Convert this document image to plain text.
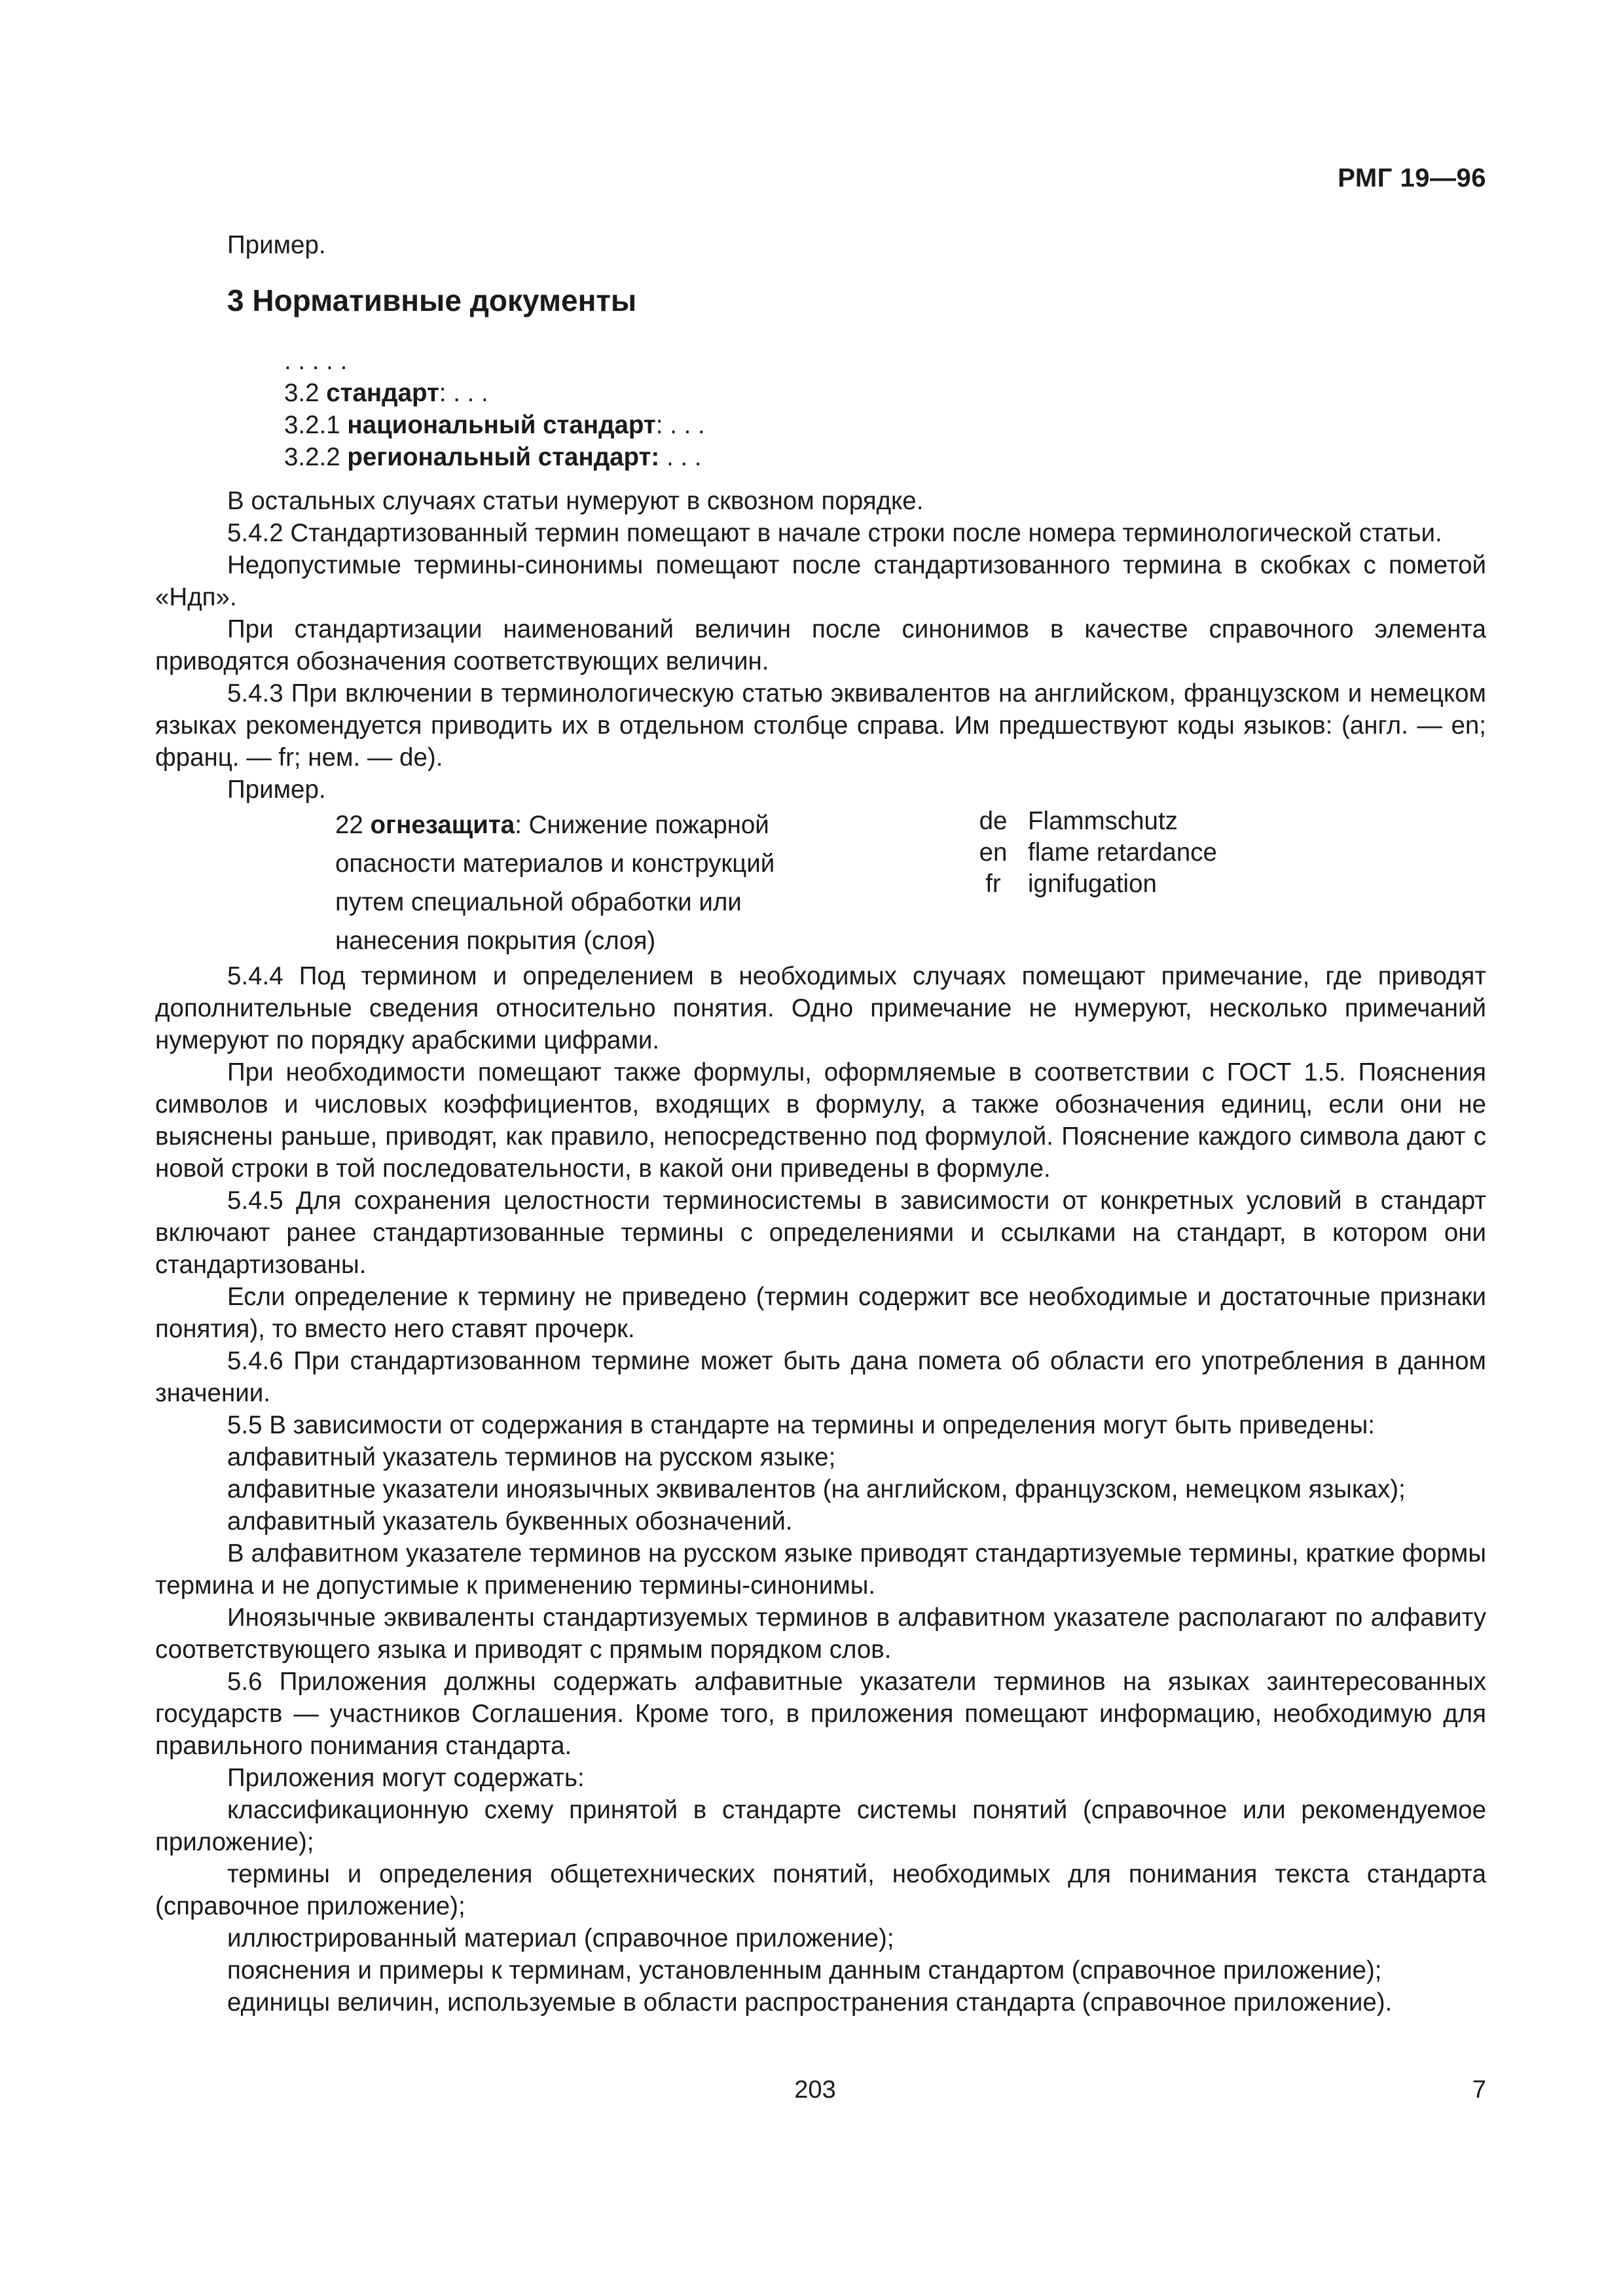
РМГ 19—96

Пример.

3 Нормативные документы

. . . . .
3.2 стандарт: . . .
3.2.1 национальный стандарт: . . .
3.2.2 региональный стандарт: . . .

В остальных случаях статьи нумеруют в сквозном порядке.

5.4.2 Стандартизованный термин помещают в начале строки после номера терминологической статьи.

Недопустимые термины-синонимы помещают после стандартизованного термина в скобках с пометой «Ндп».

При стандартизации наименований величин после синонимов в качестве справочного элемента приводятся обозначения соответствующих величин.

5.4.3 При включении в терминологическую статью эквивалентов на английском, французском и немецком языках рекомендуется приводить их в отдельном столбце справа. Им предшествуют коды языков: (англ. — en; франц. — fr; нем. — de).

Пример.

22 огнезащита: Снижение пожарной
опасности материалов и конструкций
путем специальной обработки или
нанесения покрытия (слоя)
de Flammschutz
en flame retardance
fr ignifugation

5.4.4 Под термином и определением в необходимых случаях помещают примечание, где приводят дополнительные сведения относительно понятия. Одно примечание не нумеруют, несколько примечаний нумеруют по порядку арабскими цифрами.

При необходимости помещают также формулы, оформляемые в соответствии с ГОСТ 1.5. Пояснения символов и числовых коэффициентов, входящих в формулу, а также обозначения единиц, если они не выяснены раньше, приводят, как правило, непосредственно под формулой. Пояснение каждого символа дают с новой строки в той последовательности, в какой они приведены в формуле.

5.4.5 Для сохранения целостности терминосистемы в зависимости от конкретных условий в стандарт включают ранее стандартизованные термины с определениями и ссылками на стандарт, в котором они стандартизованы.

Если определение к термину не приведено (термин содержит все необходимые и достаточные признаки понятия), то вместо него ставят прочерк.

5.4.6 При стандартизованном термине может быть дана помета об области его употребления в данном значении.

5.5 В зависимости от содержания в стандарте на термины и определения могут быть приведены:

алфавитный указатель терминов на русском языке;

алфавитные указатели иноязычных эквивалентов (на английском, французском, немецком языках);

алфавитный указатель буквенных обозначений.

В алфавитном указателе терминов на русском языке приводят стандартизуемые термины, краткие формы термина и не допустимые к применению термины-синонимы.

Иноязычные эквиваленты стандартизуемых терминов в алфавитном указателе располагают по алфавиту соответствующего языка и приводят с прямым порядком слов.

5.6 Приложения должны содержать алфавитные указатели терминов на языках заинтересованных государств — участников Соглашения. Кроме того, в приложения помещают информацию, необходимую для правильного понимания стандарта.

Приложения могут содержать:

классификационную схему принятой в стандарте системы понятий (справочное или рекомендуемое приложение);

термины и определения общетехнических понятий, необходимых для понимания текста стандарта (справочное приложение);

иллюстрированный материал (справочное приложение);

пояснения и примеры к терминам, установленным данным стандартом (справочное приложение);

единицы величин, используемые в области распространения стандарта (справочное приложение).

203	7
